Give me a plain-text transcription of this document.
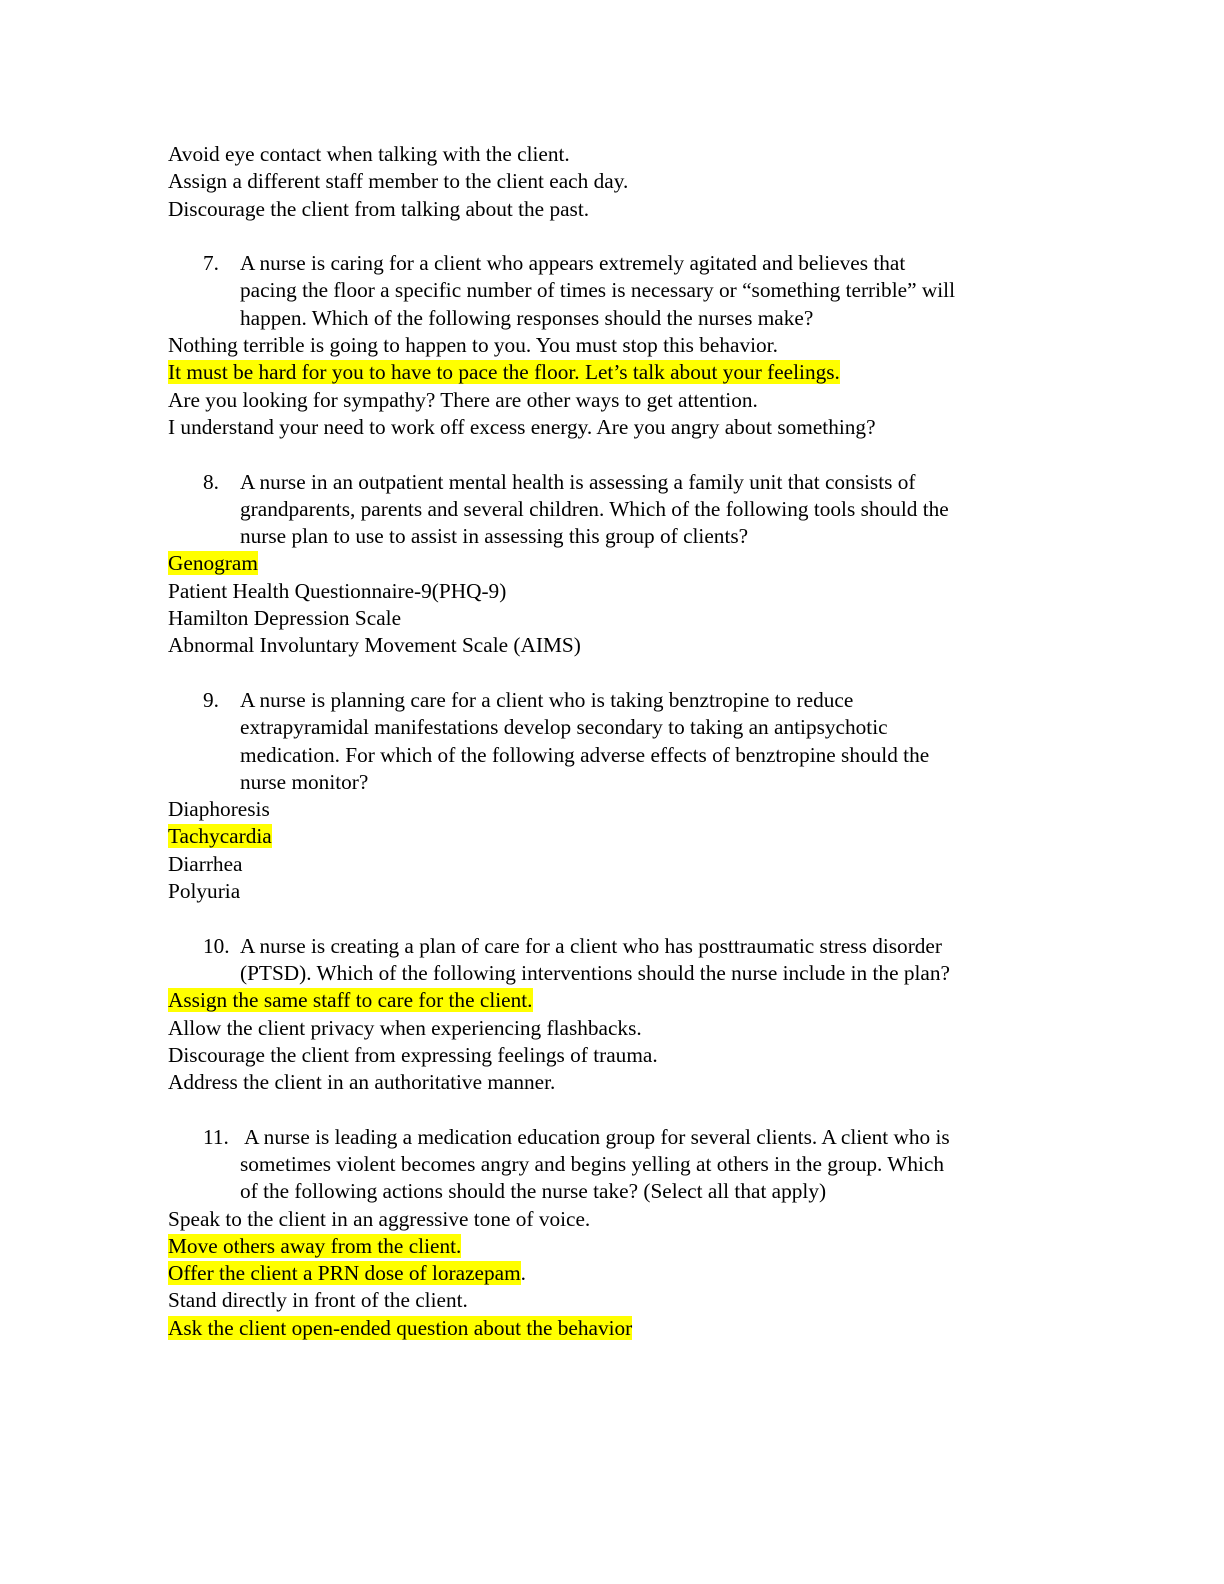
Avoid eye contact when talking with the client.
Assign a different staff member to the client each day.
Discourage the client from talking about the past.
7. A nurse is caring for a client who appears extremely agitated and believes that
pacing the floor a specific number of times is necessary or “something terrible” will
happen. Which of the following responses should the nurses make?
Nothing terrible is going to happen to you. You must stop this behavior.
It must be hard for you to have to pace the floor. Let’s talk about your feelings.
Are you looking for sympathy? There are other ways to get attention.
I understand your need to work off excess energy. Are you angry about something?
8. A nurse in an outpatient mental health is assessing a family unit that consists of
grandparents, parents and several children. Which of the following tools should the
nurse plan to use to assist in assessing this group of clients?
Genogram
Patient Health Questionnaire-9(PHQ-9)
Hamilton Depression Scale
Abnormal Involuntary Movement Scale (AIMS)
9. A nurse is planning care for a client who is taking benztropine to reduce
extrapyramidal manifestations develop secondary to taking an antipsychotic
medication. For which of the following adverse effects of benztropine should the
nurse monitor?
Diaphoresis
Tachycardia
Diarrhea
Polyuria
10. A nurse is creating a plan of care for a client who has posttraumatic stress disorder
(PTSD). Which of the following interventions should the nurse include in the plan?
Assign the same staff to care for the client.
Allow the client privacy when experiencing flashbacks.
Discourage the client from expressing feelings of trauma.
Address the client in an authoritative manner.
11. A nurse is leading a medication education group for several clients. A client who is
sometimes violent becomes angry and begins yelling at others in the group. Which
of the following actions should the nurse take? (Select all that apply)
Speak to the client in an aggressive tone of voice.
Move others away from the client.
Offer the client a PRN dose of lorazepam.
Stand directly in front of the client.
Ask the client open-ended question about the behavior
